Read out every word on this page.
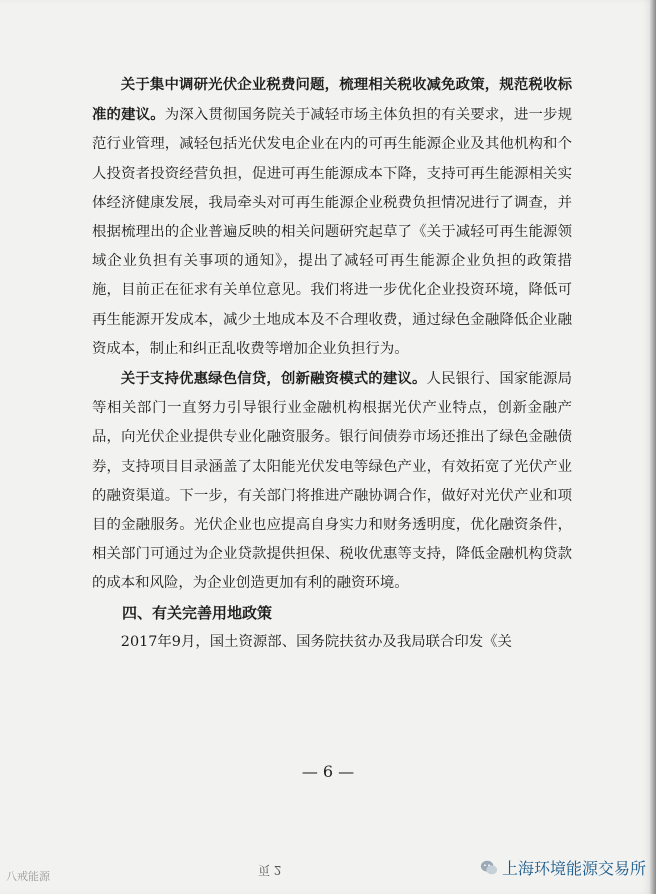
关于集中调研光伏企业税费问题，梳理相关税收减免政策，规范税收标准的建议。为深入贯彻国务院关于减轻市场主体负担的有关要求，进一步规范行业管理，减轻包括光伏发电企业在内的可再生能源企业及其他机构和个人投资者投资经营负担，促进可再生能源成本下降，支持可再生能源相关实体经济健康发展，我局牵头对可再生能源企业税费负担情况进行了调查，并根据梳理出的企业普遍反映的相关问题研究起草了《关于减轻可再生能源领域企业负担有关事项的通知》，提出了减轻可再生能源企业负担的政策措施，目前正在征求有关单位意见。我们将进一步优化企业投资环境，降低可再生能源开发成本，减少土地成本及不合理收费，通过绿色金融降低企业融资成本，制止和纠正乱收费等增加企业负担行为。

关于支持优惠绿色信贷，创新融资模式的建议。人民银行、国家能源局等相关部门一直努力引导银行业金融机构根据光伏产业特点，创新金融产品，向光伏企业提供专业化融资服务。银行间债券市场还推出了绿色金融债券，支持项目目录涵盖了太阳能光伏发电等绿色产业，有效拓宽了光伏产业的融资渠道。下一步，有关部门将推进产融协调合作，做好对光伏产业和项目的金融服务。光伏企业也应提高自身实力和财务透明度，优化融资条件，相关部门可通过为企业贷款提供担保、税收优惠等支持，降低金融机构贷款的成本和风险，为企业创造更加有利的融资环境。

四、有关完善用地政策

2017年9月，国土资源部、国务院扶贫办及我局联合印发《关

— 6 —
页 2
八戒能源	上海环境能源交易所
